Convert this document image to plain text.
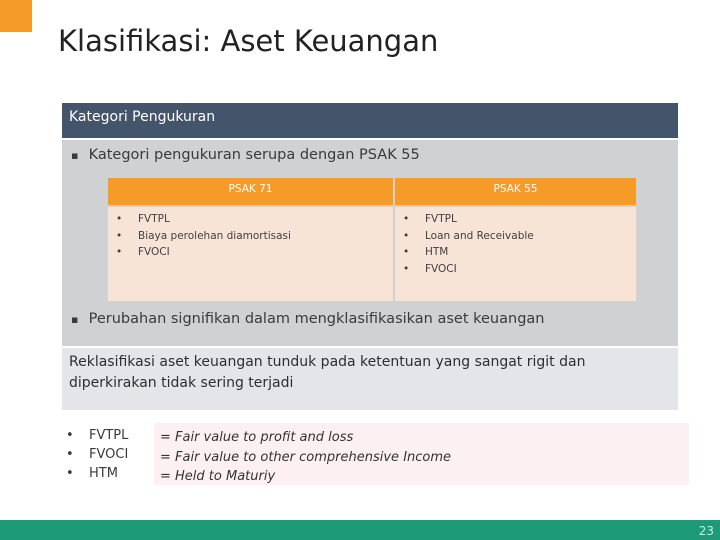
Klasifikasi: Aset Keuangan
Kategori Pengukuran
▪ Kategori pengukuran serupa dengan PSAK 55
PSAK 71	PSAK 55
• FVTPL
• Biaya perolehan diamortisasi
• FVOCI
• FVTPL
• Loan and Receivable
• HTM
• FVOCI
▪ Perubahan signifikan dalam mengklasifikasikan aset keuangan
Reklasifikasi aset keuangan tunduk pada ketentuan yang sangat rigit dan
diperkirakan tidak sering terjadi
• FVTPL
• FVOCI
• HTM
= Fair value to profit and loss
= Fair value to other comprehensive Income
= Held to Maturiy
23
